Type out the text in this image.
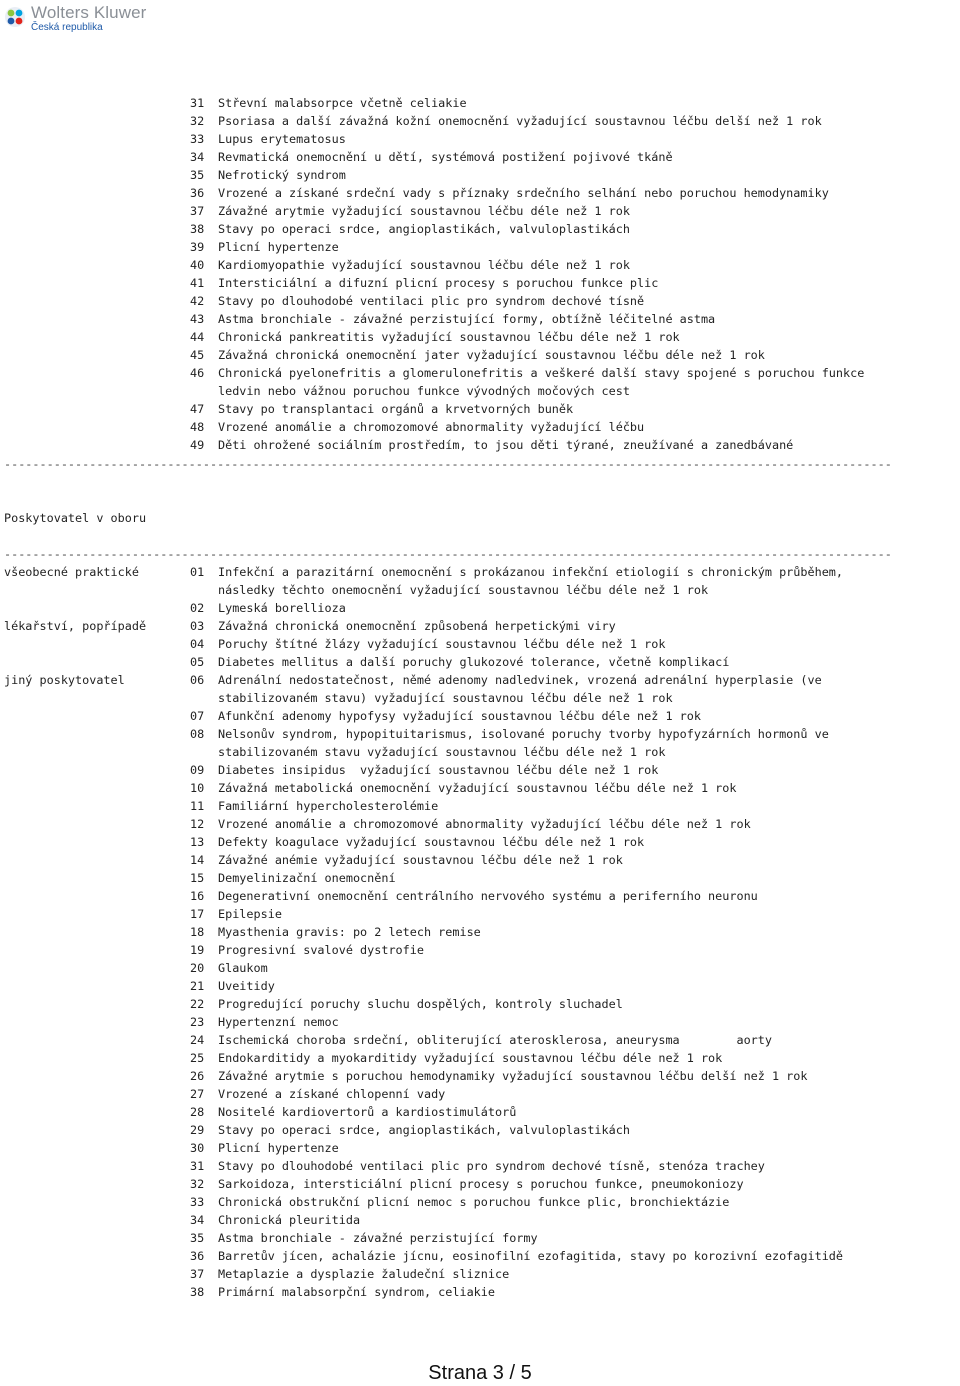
Wolters Kluwer
Česká republika
31	Střevní malabsorpce včetně celiakie
32	Psoriasa a další závažná kožní onemocnění vyžadující soustavnou léčbu delší než 1 rok
33	Lupus erytematosus
34	Revmatická onemocnění u dětí, systémová postižení pojivové tkáně
35	Nefrotický syndrom
36	Vrozené a získané srdeční vady s příznaky srdečního selhání nebo poruchou hemodynamiky
37	Závažné arytmie vyžadující soustavnou léčbu déle než 1 rok
38	Stavy po operaci srdce, angioplastikách, valvuloplastikách
39	Plicní hypertenze
40	Kardiomyopathie vyžadující soustavnou léčbu déle než 1 rok
41	Intersticiální a difuzní plicní procesy s poruchou funkce plic
42	Stavy po dlouhodobé ventilaci plic pro syndrom dechové tísně
43	Astma bronchiale - závažné perzistující formy, obtížně léčitelné astma
44	Chronická pankreatitis vyžadující soustavnou léčbu déle než 1 rok
45	Závažná chronická onemocnění jater vyžadující soustavnou léčbu déle než 1 rok
46	Chronická pyelonefritis a glomerulonefritis a veškeré další stavy spojené s poruchou funkce
ledvin nebo vážnou poruchou funkce vývodných močových cest
47	Stavy po transplantaci orgánů a krvetvorných buněk
48	Vrozené anomálie a chromozomové abnormality vyžadující léčbu
49	Děti ohrožené sociálním prostředím, to jsou děti týrané, zneužívané a zanedbávané
-----------------------------------------------------------------------------------------------------------------------------

Poskytovatel v oboru

všeobecné praktické

lékařství, popřípadě

jiný poskytovatel

-----------------------------------------------------------------------------------------------------------------------------
01	Infekční a parazitární onemocnění s prokázanou infekční etiologií s chronickým průběhem,
následky těchto onemocnění vyžadující soustavnou léčbu déle než 1 rok
02	Lymeská borellioza
03	Závažná chronická onemocnění způsobená herpetickými viry
04	Poruchy štítné žlázy vyžadující soustavnou léčbu déle než 1 rok
05	Diabetes mellitus a další poruchy glukozové tolerance, včetně komplikací
06	Adrenální nedostatečnost, němé adenomy nadledvinek, vrozená adrenální hyperplasie (ve
stabilizovaném stavu) vyžadující soustavnou léčbu déle než 1 rok
07	Afunkční adenomy hypofysy vyžadující soustavnou léčbu déle než 1 rok
08	Nelsonův syndrom, hypopituitarismus, isolované poruchy tvorby hypofyzárních hormonů ve
stabilizovaném stavu vyžadující soustavnou léčbu déle než 1 rok
09	Diabetes insipidus  vyžadující soustavnou léčbu déle než 1 rok
10	Závažná metabolická onemocnění vyžadující soustavnou léčbu déle než 1 rok
11	Familiární hypercholesterolémie
12	Vrozené anomálie a chromozomové abnormality vyžadující léčbu déle než 1 rok
13	Defekty koagulace vyžadující soustavnou léčbu déle než 1 rok
14	Závažné anémie vyžadující soustavnou léčbu déle než 1 rok
15	Demyelinizační onemocnění
16	Degenerativní onemocnění centrálního nervového systému a periferního neuronu
17	Epilepsie
18	Myasthenia gravis: po 2 letech remise
19	Progresivní svalové dystrofie
20	Glaukom
21	Uveitidy
22	Progredující poruchy sluchu dospělých, kontroly sluchadel
23	Hypertenzní nemoc
24	Ischemická choroba srdeční, obliterující aterosklerosa, aneurysma        aorty
25	Endokarditidy a myokarditidy vyžadující soustavnou léčbu déle než 1 rok
26	Závažné arytmie s poruchou hemodynamiky vyžadující soustavnou léčbu delší než 1 rok
27	Vrozené a získané chlopenní vady
28	Nositelé kardiovertorů a kardiostimulátorů
29	Stavy po operaci srdce, angioplastikách, valvuloplastikách
30	Plicní hypertenze
31	Stavy po dlouhodobé ventilaci plic pro syndrom dechové tísně, stenóza trachey
32	Sarkoidoza, intersticiální plicní procesy s poruchou funkce, pneumokoniozy
33	Chronická obstrukční plicní nemoc s poruchou funkce plic, bronchiektázie
34	Chronická pleuritida
35	Astma bronchiale - závažné perzistující formy
36	Barretův jícen, achalázie jícnu, eosinofilní ezofagitida, stavy po korozivní ezofagitidě
37	Metaplazie a dysplazie žaludeční sliznice
38	Primární malabsorpční syndrom, celiakie
Strana 3 / 5
